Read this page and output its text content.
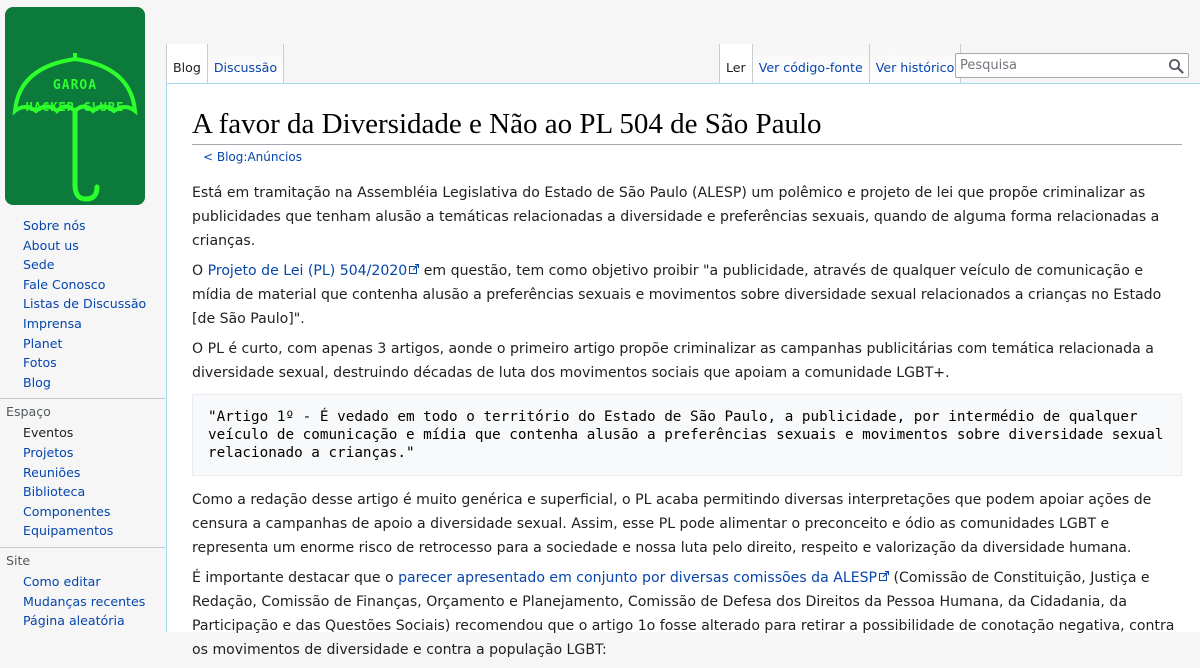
GAROA
HACKER CLUBE
Sobre nós
About us
Sede
Fale Conosco
Listas de Discussão
Imprensa
Planet
Fotos
Blog
Espaço
Eventos
Projetos
Reuniões
Biblioteca
Componentes
Equipamentos
Site
Como editar
Mudanças recentes
Página aleatória
Blog	Discussão	Ler	Ver código-fonte	Ver histórico
Pesquisa
A favor da Diversidade e Não ao PL 504 de São Paulo
< Blog:Anúncios

Está em tramitação na Assembléia Legislativa do Estado de São Paulo (ALESP) um polêmico e projeto de lei que propõe criminalizar as publicidades que tenham alusão a temáticas relacionadas a diversidade e preferências sexuais, quando de alguma forma relacionadas a crianças.

O Projeto de Lei (PL) 504/2020 em questão, tem como objetivo proibir "a publicidade, através de qualquer veículo de comunicação e mídia de material que contenha alusão a preferências sexuais e movimentos sobre diversidade sexual relacionados a crianças no Estado [de São Paulo]".

O PL é curto, com apenas 3 artigos, aonde o primeiro artigo propõe criminalizar as campanhas publicitárias com temática relacionada a diversidade sexual, destruindo décadas de luta dos movimentos sociais que apoiam a comunidade LGBT+.

"Artigo 1º - É vedado em todo o território do Estado de São Paulo, a publicidade, por intermédio de qualquer veículo de comunicação e mídia que contenha alusão a preferências sexuais e movimentos sobre diversidade sexual relacionado a crianças."

Como a redação desse artigo é muito genérica e superficial, o PL acaba permitindo diversas interpretações que podem apoiar ações de censura a campanhas de apoio a diversidade sexual. Assim, esse PL pode alimentar o preconceito e ódio as comunidades LGBT e representa um enorme risco de retrocesso para a sociedade e nossa luta pelo direito, respeito e valorização da diversidade humana.

É importante destacar que o parecer apresentado em conjunto por diversas comissões da ALESP (Comissão de Constituição, Justiça e Redação, Comissão de Finanças, Orçamento e Planejamento, Comissão de Defesa dos Direitos da Pessoa Humana, da Cidadania, da Participação e das Questões Sociais) recomendou que o artigo 1o fosse alterado para retirar a possibilidade de conotação negativa, contra os movimentos de diversidade e contra a população LGBT:
